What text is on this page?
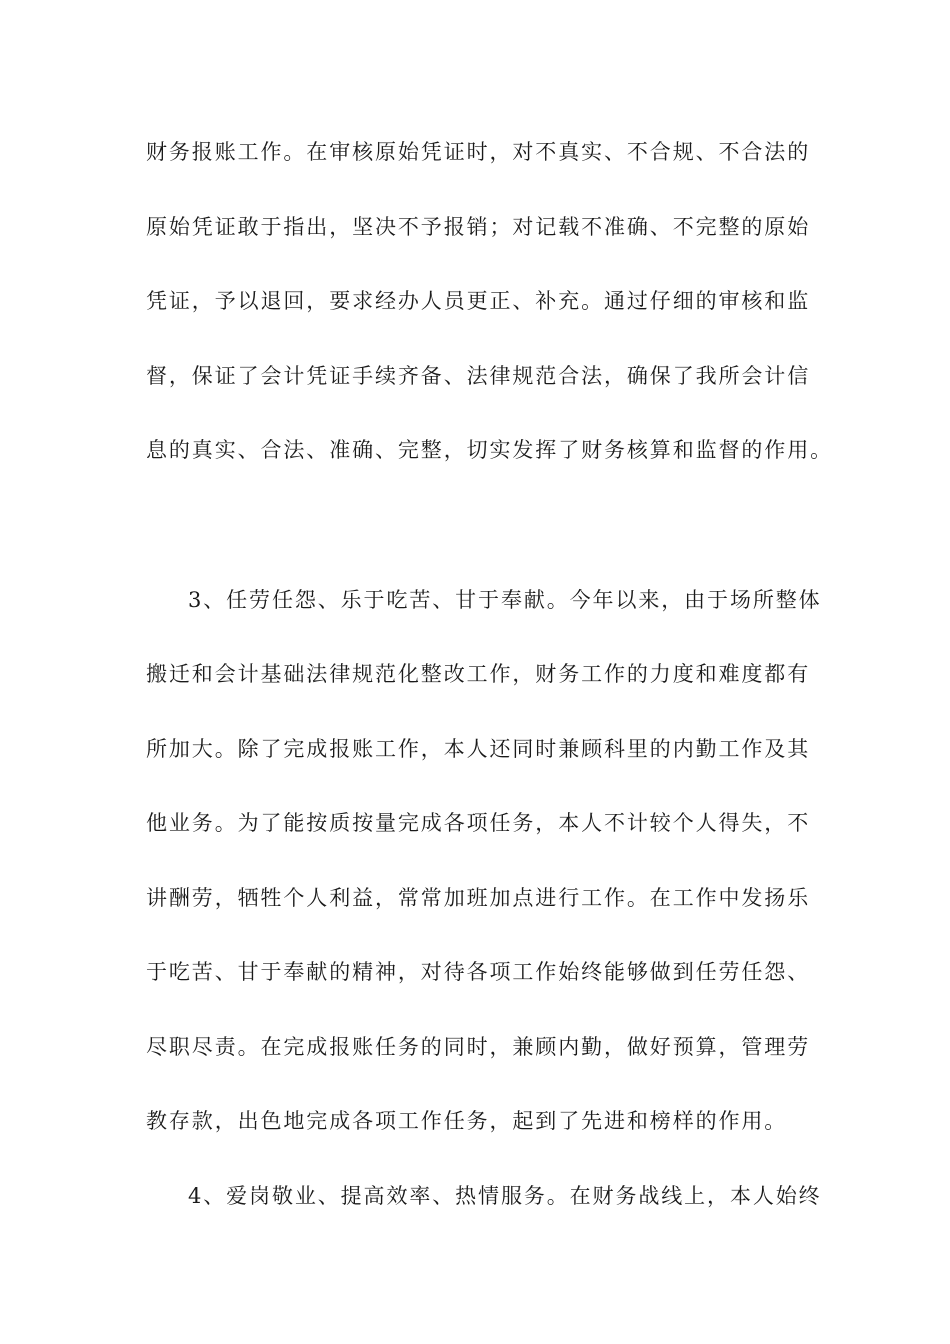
财务报账工作。在审核原始凭证时，对不真实、不合规、不合法的
原始凭证敢于指出，坚决不予报销；对记载不准确、不完整的原始
凭证，予以退回，要求经办人员更正、补充。通过仔细的审核和监
督，保证了会计凭证手续齐备、法律规范合法，确保了我所会计信
息的真实、合法、准确、完整，切实发挥了财务核算和监督的作用。
3、任劳任怨、乐于吃苦、甘于奉献。今年以来，由于场所整体
搬迁和会计基础法律规范化整改工作，财务工作的力度和难度都有
所加大。除了完成报账工作，本人还同时兼顾科里的内勤工作及其
他业务。为了能按质按量完成各项任务，本人不计较个人得失，不
讲酬劳，牺牲个人利益，常常加班加点进行工作。在工作中发扬乐
于吃苦、甘于奉献的精神，对待各项工作始终能够做到任劳任怨、
尽职尽责。在完成报账任务的同时，兼顾内勤，做好预算，管理劳
教存款，出色地完成各项工作任务，起到了先进和榜样的作用。
4、爱岗敬业、提高效率、热情服务。在财务战线上，本人始终
